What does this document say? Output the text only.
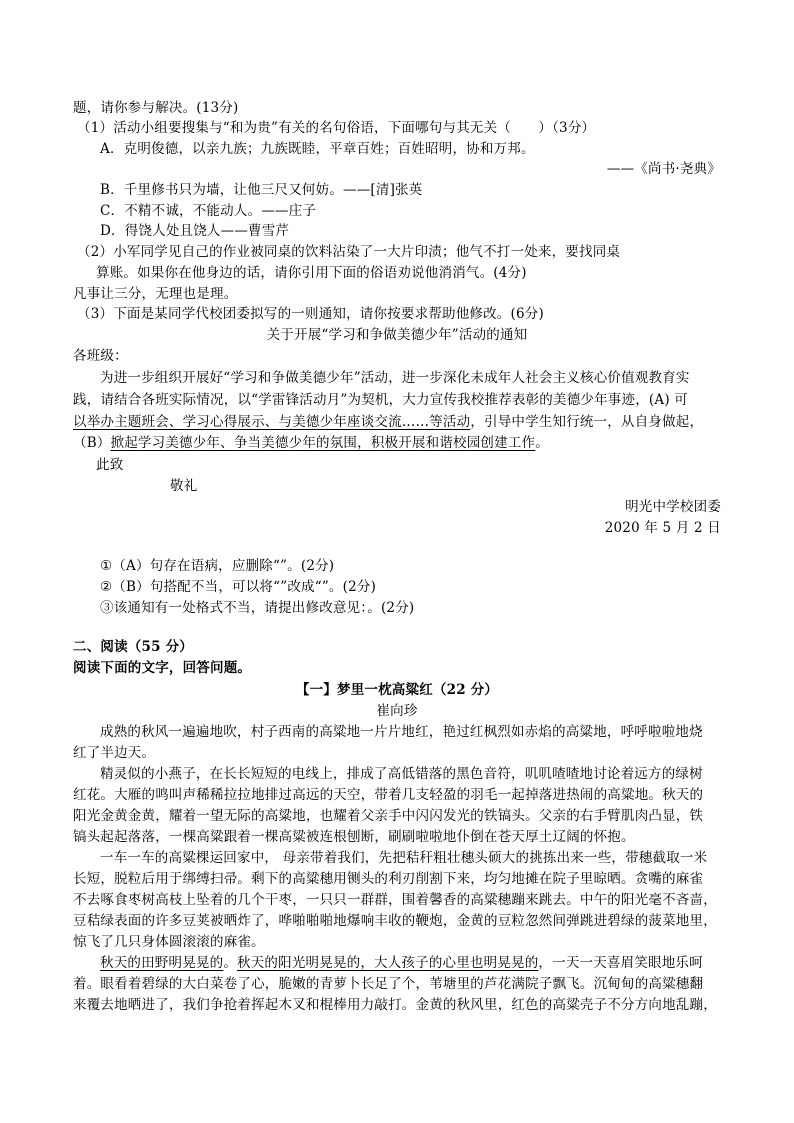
题，请你参与解决。(13分)
（1）活动小组要搜集与“和为贵”有关的名句俗语，下面哪句与其无关（　　）（3分）
A．克明俊德，以亲九族；九族既睦，平章百姓；百姓昭明，协和万邦。
——《尚书·尧典》
B．千里修书只为墙，让他三尺又何妨。——[清]张英
C．不精不诚，不能动人。——庄子
D．得饶人处且饶人——曹雪芹
（2）小军同学见自己的作业被同桌的饮料沾染了一大片印渍；他气不打一处来，要找同桌
算账。如果你在他身边的话，请你引用下面的俗语劝说他消消气。(4分)
凡事让三分，无理也是理。
（3）下面是某同学代校团委拟写的一则通知，请你按要求帮助他修改。(6分)
关于开展“学习和争做美德少年”活动的通知
各班级：
为进一步组织开展好“学习和争做美德少年”活动，进一步深化未成年人社会主义核心价值观教育实
践，请结合各班实际情况，以“学雷锋活动月”为契机，大力宣传我校推荐表彰的美德少年事迹，(A) 可
以举办主题班会、学习心得展示、与美德少年座谈交流……等活动，引导中学生知行统一，从自身做起，
（B）掀起学习美德少年、争当美德少年的氛围，积极开展和谐校园创建工作。
此致
敬礼
明光中学校团委
2020 年 5 月 2 日
①（A）句存在语病，应删除“”。(2分)
②（B）句搭配不当，可以将“”改成“”。(2分)
③该通知有一处格式不当，请提出修改意见：。(2分)
二、阅读（55 分）
阅读下面的文字，回答问题。
【一】梦里一枕高粱红（22 分）
崔向珍
成熟的秋风一遍遍地吹，村子西南的高粱地一片片地红，艳过红枫烈如赤焰的高粱地，呼呼啦啦地烧
红了半边天。
精灵似的小燕子，在长长短短的电线上，排成了高低错落的黑色音符，叽叽喳喳地讨论着远方的绿树
红花。大雁的鸣叫声稀稀拉拉地排过高远的天空，带着几支轻盈的羽毛一起掉落进热闹的高粱地。秋天的
阳光金黄金黄，耀着一望无际的高粱地，也耀着父亲手中闪闪发光的铁镐头。父亲的右手臂肌肉凸显，铁
镐头起起落落，一棵高粱跟着一棵高粱被连根刨断，刷刷啦啦地仆倒在苍天厚土辽阔的怀抱。
一车一车的高粱棵运回家中， 母亲带着我们，先把秸秆粗壮穗头硕大的挑拣出来一些，带穗截取一米
长短，脱粒后用于绑缚扫帚。剩下的高粱穗用铡头的利刃削割下来，均匀地摊在院子里晾晒。贪嘴的麻雀
不去啄食枣树高枝上坠着的几个干枣，一只只一群群，围着馨香的高粱穗蹦来跳去。中午的阳光毫不吝啬，
豆秸绿表面的许多豆荚被晒炸了，哗啪啪啪地爆响丰收的鞭炮，金黄的豆粒忽然间弹跳进碧绿的菠菜地里，
惊飞了几只身体圆滚滚的麻雀。
秋天的田野明晃晃的。秋天的阳光明晃晃的，大人孩子的心里也明晃晃的，一天一天喜眉笑眼地乐呵
着。眼看着碧绿的大白菜卷了心，脆嫩的青萝卜长足了个，苇塘里的芦花满院子飘飞。沉甸甸的高粱穗翻
来覆去地晒进了，我们争抢着挥起木叉和棍棒用力敲打。金黄的秋风里，红色的高粱壳子不分方向地乱蹦，
